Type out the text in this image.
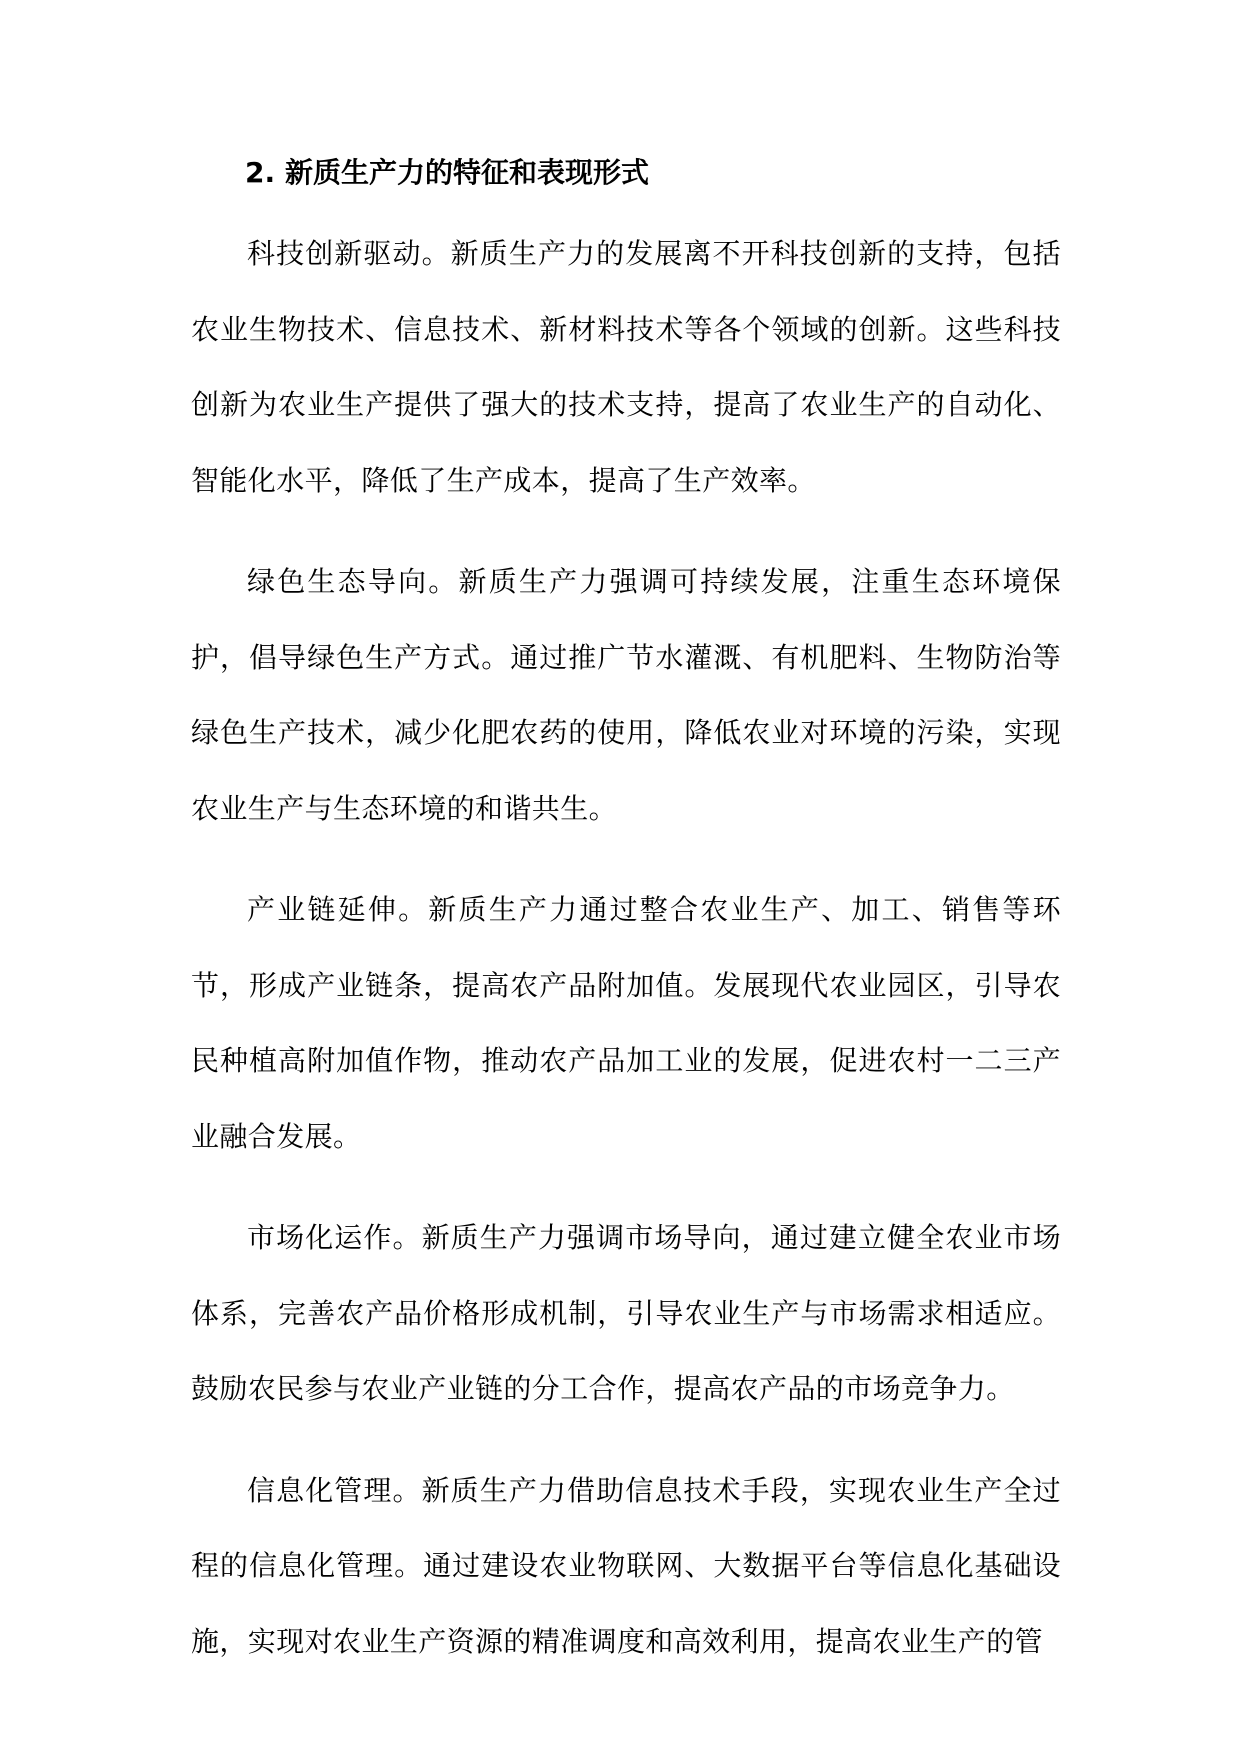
2. 新质生产力的特征和表现形式

科技创新驱动。新质生产力的发展离不开科技创新的支持，包括农业生物技术、信息技术、新材料技术等各个领域的创新。这些科技创新为农业生产提供了强大的技术支持，提高了农业生产的自动化、智能化水平，降低了生产成本，提高了生产效率。

绿色生态导向。新质生产力强调可持续发展，注重生态环境保护，倡导绿色生产方式。通过推广节水灌溉、有机肥料、生物防治等绿色生产技术，减少化肥农药的使用，降低农业对环境的污染，实现农业生产与生态环境的和谐共生。

产业链延伸。新质生产力通过整合农业生产、加工、销售等环节，形成产业链条，提高农产品附加值。发展现代农业园区，引导农民种植高附加值作物，推动农产品加工业的发展，促进农村一二三产业融合发展。

市场化运作。新质生产力强调市场导向，通过建立健全农业市场体系，完善农产品价格形成机制，引导农业生产与市场需求相适应。鼓励农民参与农业产业链的分工合作，提高农产品的市场竞争力。

信息化管理。新质生产力借助信息技术手段，实现农业生产全过程的信息化管理。通过建设农业物联网、大数据平台等信息化基础设施，实现对农业生产资源的精准调度和高效利用，提高农业生产的管
